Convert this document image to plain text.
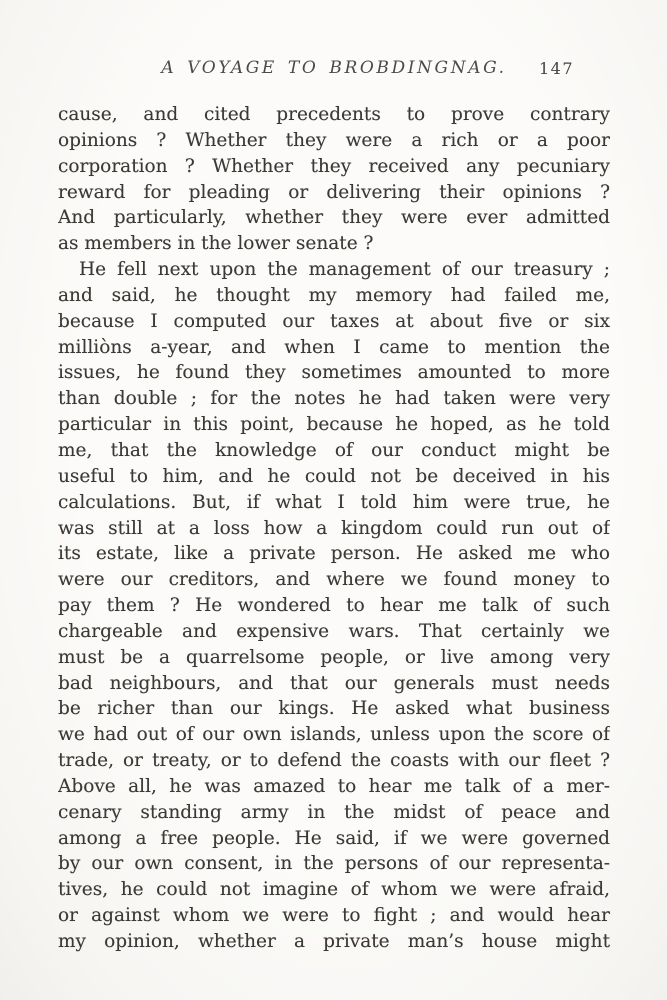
A VOYAGE TO BROBDINGNAG. 147
cause, and cited precedents to prove contrary
opinions ? Whether they were a rich or a poor
corporation ? Whether they received any pecuniary
reward for pleading or delivering their opinions ?
And particularly, whether they were ever admitted
as members in the lower senate ?
He fell next upon the management of our treasury ;
and said, he thought my memory had failed me,
because I computed our taxes at about five or six
milliòns a-year, and when I came to mention the
issues, he found they sometimes amounted to more
than double ; for the notes he had taken were very
particular in this point, because he hoped, as he told
me, that the knowledge of our conduct might be
useful to him, and he could not be deceived in his
calculations. But, if what I told him were true, he
was still at a loss how a kingdom could run out of
its estate, like a private person. He asked me who
were our creditors, and where we found money to
pay them ? He wondered to hear me talk of such
chargeable and expensive wars. That certainly we
must be a quarrelsome people, or live among very
bad neighbours, and that our generals must needs
be richer than our kings. He asked what business
we had out of our own islands, unless upon the score of
trade, or treaty, or to defend the coasts with our fleet ?
Above all, he was amazed to hear me talk of a mer-
cenary standing army in the midst of peace and
among a free people. He said, if we were governed
by our own consent, in the persons of our representa-
tives, he could not imagine of whom we were afraid,
or against whom we were to fight ; and would hear
my opinion, whether a private man’s house might
